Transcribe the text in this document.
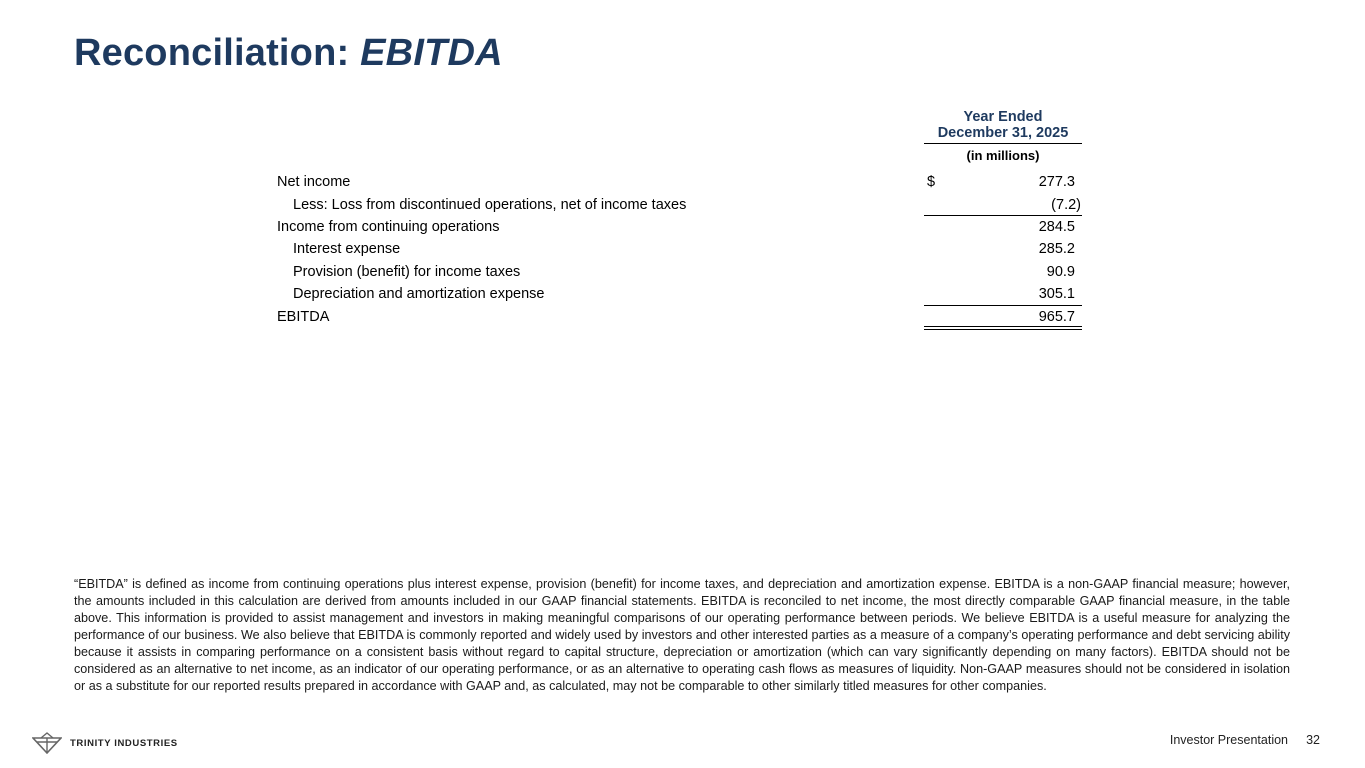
Reconciliation: EBITDA
Year Ended
December 31, 2025
(in millions)
Net income	$	277.3
Less: Loss from discontinued operations, net of income taxes	(7.2)
Income from continuing operations	284.5
Interest expense	285.2
Provision (benefit) for income taxes	90.9
Depreciation and amortization expense	305.1
EBITDA	965.7

“EBITDA” is defined as income from continuing operations plus interest expense, provision (benefit) for income taxes, and depreciation and amortization expense. EBITDA is a non-GAAP financial measure; however, the amounts included in this calculation are derived from amounts included in our GAAP financial statements. EBITDA is reconciled to net income, the most directly comparable GAAP financial measure, in the table above. This information is provided to assist management and investors in making meaningful comparisons of our operating performance between periods. We believe EBITDA is a useful measure for analyzing the performance of our business. We also believe that EBITDA is commonly reported and widely used by investors and other interested parties as a measure of a company’s operating performance and debt servicing ability because it assists in comparing performance on a consistent basis without regard to capital structure, depreciation or amortization (which can vary significantly depending on many factors). EBITDA should not be considered as an alternative to net income, as an indicator of our operating performance, or as an alternative to operating cash flows as measures of liquidity. Non-GAAP measures should not be considered in isolation or as a substitute for our reported results prepared in accordance with GAAP and, as calculated, may not be comparable to other similarly titled measures for other companies.

TRINITY INDUSTRIES	Investor Presentation 32
